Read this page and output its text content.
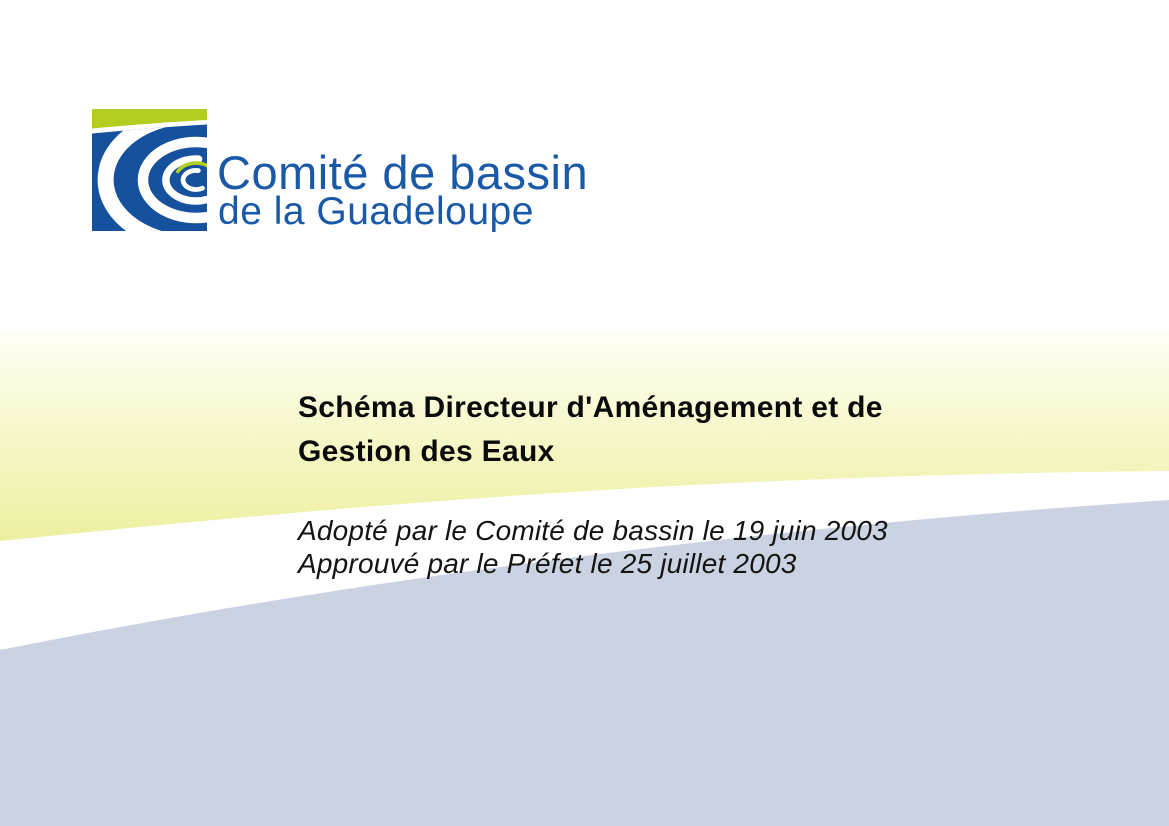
Comité de bassin
de la Guadeloupe
Schéma Directeur d'Aménagement et de
Gestion des Eaux
Adopté par le Comité de bassin le 19 juin 2003
Approuvé par le Préfet le 25 juillet 2003
